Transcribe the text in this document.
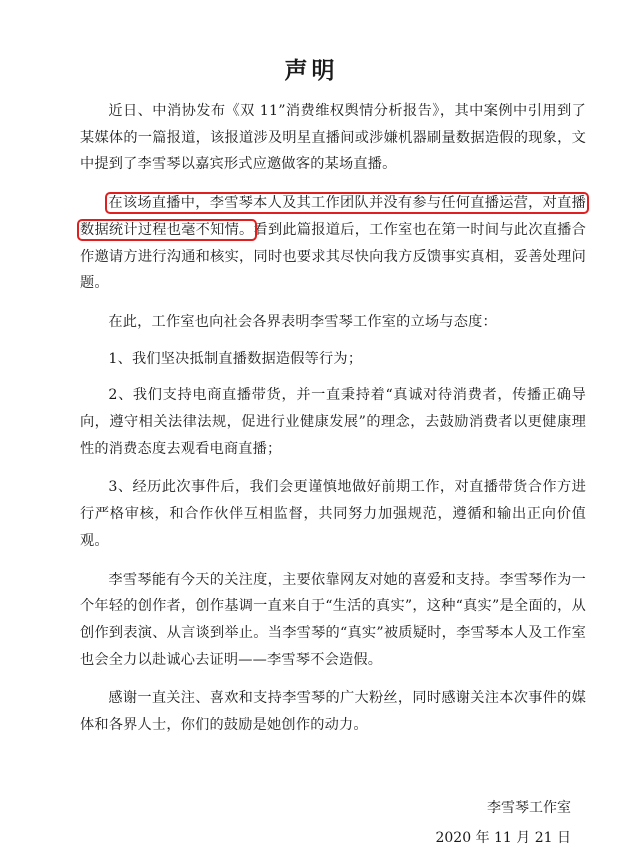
声明

近日、中消协发布《双 11”消费维权舆情分析报告》，其中案例中引用到了某媒体的一篇报道，该报道涉及明星直播间或涉嫌机器刷量数据造假的现象，文中提到了李雪琴以嘉宾形式应邀做客的某场直播。

在该场直播中，李雪琴本人及其工作团队并没有参与任何直播运营，对直播数据统计过程也毫不知情。看到此篇报道后，工作室也在第一时间与此次直播合作邀请方进行沟通和核实，同时也要求其尽快向我方反馈事实真相，妥善处理问题。

在此，工作室也向社会各界表明李雪琴工作室的立场与态度：

1、我们坚决抵制直播数据造假等行为；

2、我们支持电商直播带货，并一直秉持着“真诚对待消费者，传播正确导向，遵守相关法律法规，促进行业健康发展”的理念，去鼓励消费者以更健康理性的消费态度去观看电商直播；

3、经历此次事件后，我们会更谨慎地做好前期工作，对直播带货合作方进行严格审核，和合作伙伴互相监督，共同努力加强规范，遵循和输出正向价值观。

李雪琴能有今天的关注度，主要依靠网友对她的喜爱和支持。李雪琴作为一个年轻的创作者，创作基调一直来自于“生活的真实”，这种“真实”是全面的，从创作到表演、从言谈到举止。当李雪琴的“真实”被质疑时，李雪琴本人及工作室也会全力以赴诚心去证明——李雪琴不会造假。

感谢一直关注、喜欢和支持李雪琴的广大粉丝，同时感谢关注本次事件的媒体和各界人士，你们的鼓励是她创作的动力。

李雪琴工作室
2020 年 11 月 21 日
